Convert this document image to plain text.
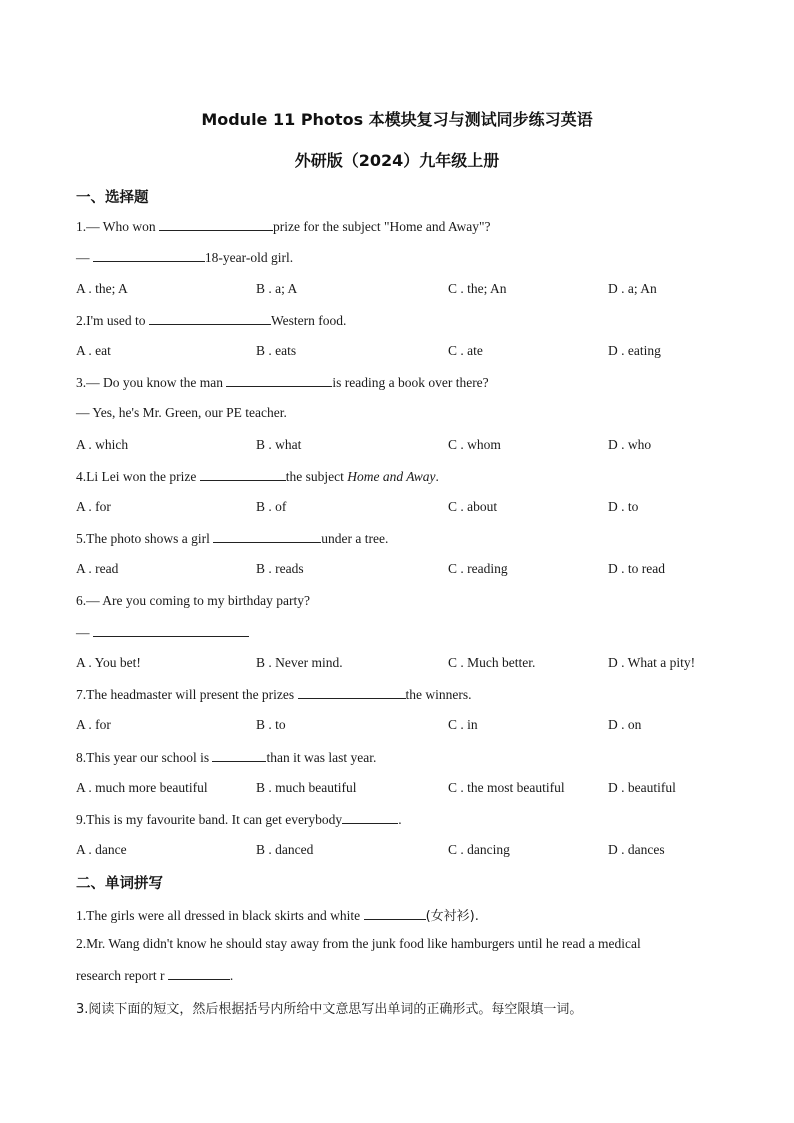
Module 11 Photos 本模块复习与测试同步练习英语
外研版（2024）九年级上册
一、选择题
1.— Who won	prize for the subject "Home and Away"?
—	18-year-old girl.
A . the; A	B . a; A	C . the; An	D . a; An
2.I'm used to	Western food.
A . eat	B . eats	C . ate	D . eating
3.— Do you know the man	is reading a book over there?
— Yes, he's Mr. Green, our PE teacher.
A . which	B . what	C . whom	D . who
4.Li Lei won the prize	the subject Home and Away.
A . for	B . of	C . about	D . to
5.The photo shows a girl	under a tree.
A . read	B . reads	C . reading	D . to read
6.— Are you coming to my birthday party?
—
A . You bet!	B . Never mind.	C . Much better.	D . What a pity!
7.The headmaster will present the prizes	the winners.
A . for	B . to	C . in	D . on
8.This year our school is	than it was last year.
A . much more beautiful	B . much beautiful	C . the most beautiful	D . beautiful
9.This is my favourite band. It can get everybody	.
A . dance	B . danced	C . dancing	D . dances
二、单词拼写
1.The girls were all dressed in black skirts and white	(女衬衫).
2.Mr. Wang didn't know he should stay away from the junk food like hamburgers until he read a medical
research report r	.
3.阅读下面的短文，然后根据括号内所给中文意思写出单词的正确形式。每空限填一词。
